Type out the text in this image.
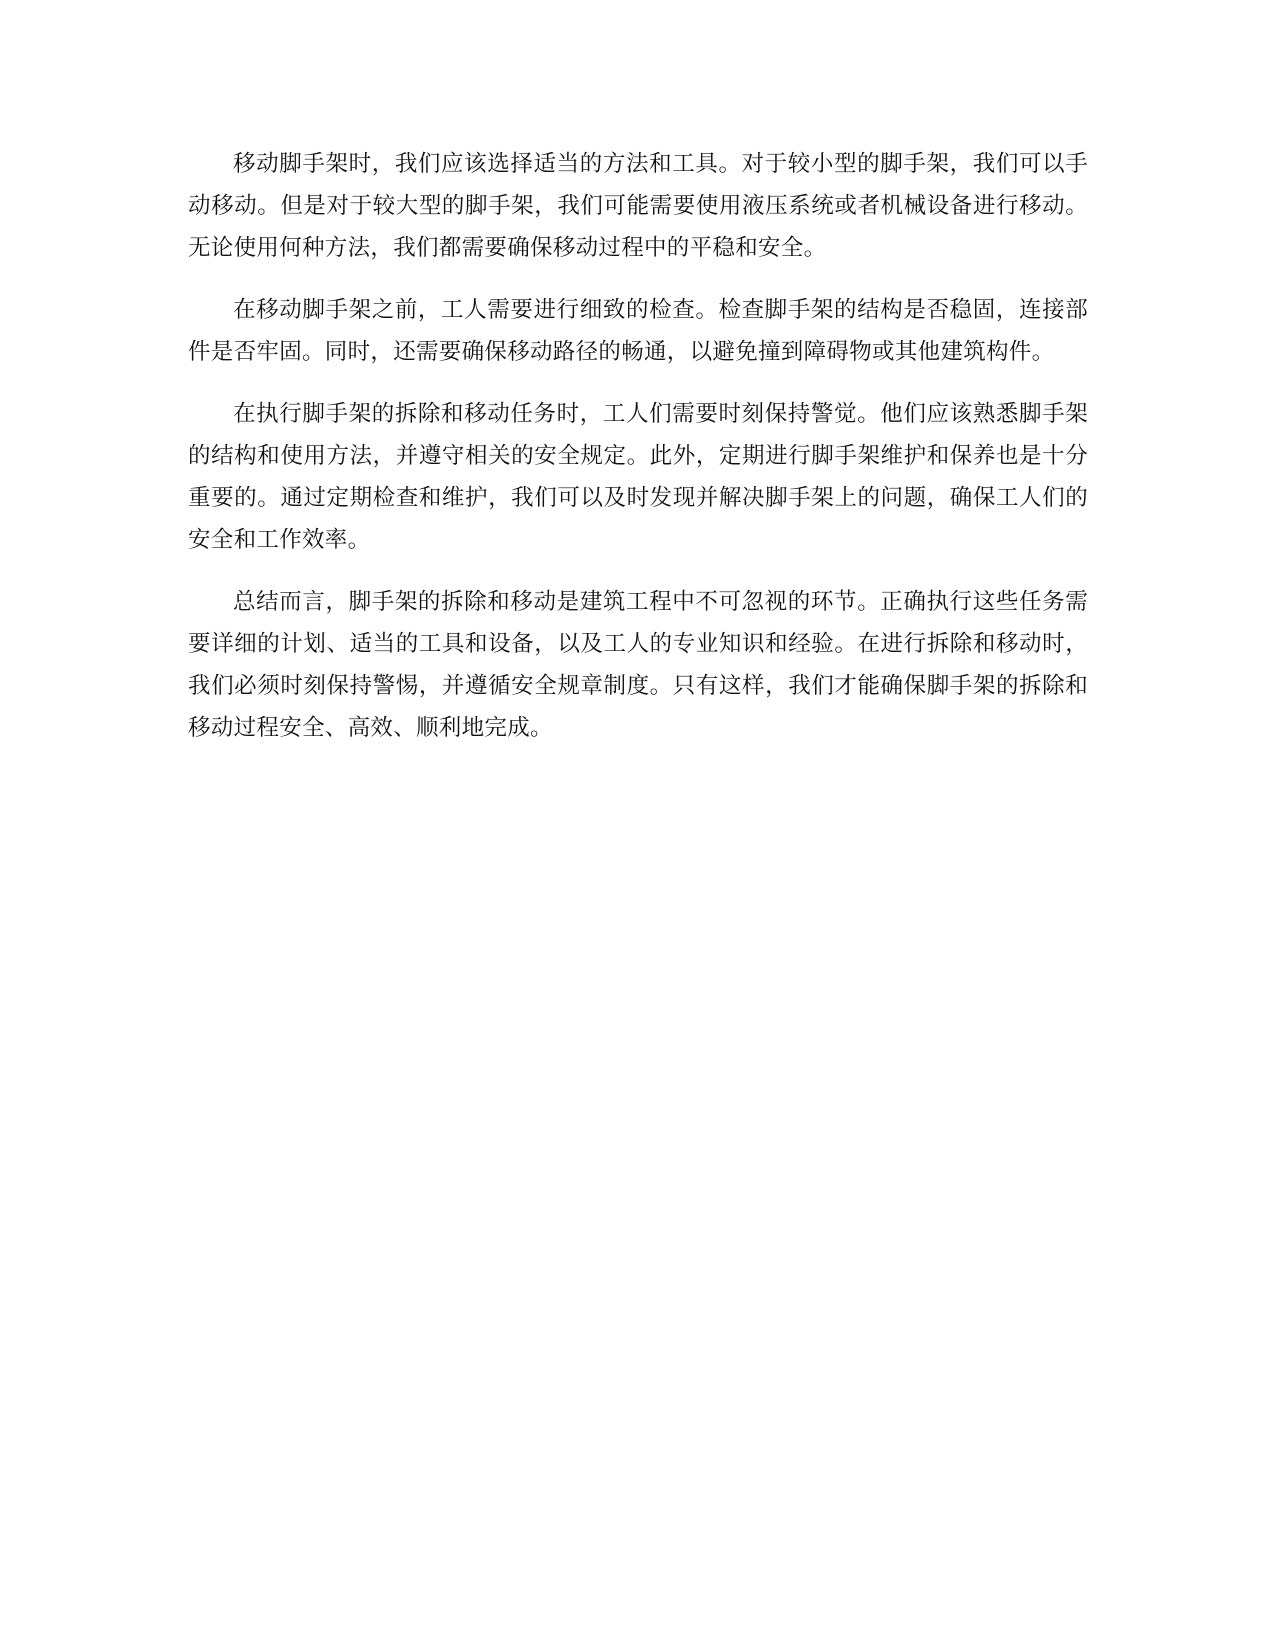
移动脚手架时，我们应该选择适当的方法和工具。对于较小型的脚手架，我们可以手动移动。但是对于较大型的脚手架，我们可能需要使用液压系统或者机械设备进行移动。无论使用何种方法，我们都需要确保移动过程中的平稳和安全。

在移动脚手架之前，工人需要进行细致的检查。检查脚手架的结构是否稳固，连接部件是否牢固。同时，还需要确保移动路径的畅通，以避免撞到障碍物或其他建筑构件。

在执行脚手架的拆除和移动任务时，工人们需要时刻保持警觉。他们应该熟悉脚手架的结构和使用方法，并遵守相关的安全规定。此外，定期进行脚手架维护和保养也是十分重要的。通过定期检查和维护，我们可以及时发现并解决脚手架上的问题，确保工人们的安全和工作效率。

总结而言，脚手架的拆除和移动是建筑工程中不可忽视的环节。正确执行这些任务需要详细的计划、适当的工具和设备，以及工人的专业知识和经验。在进行拆除和移动时，我们必须时刻保持警惕，并遵循安全规章制度。只有这样，我们才能确保脚手架的拆除和移动过程安全、高效、顺利地完成。
